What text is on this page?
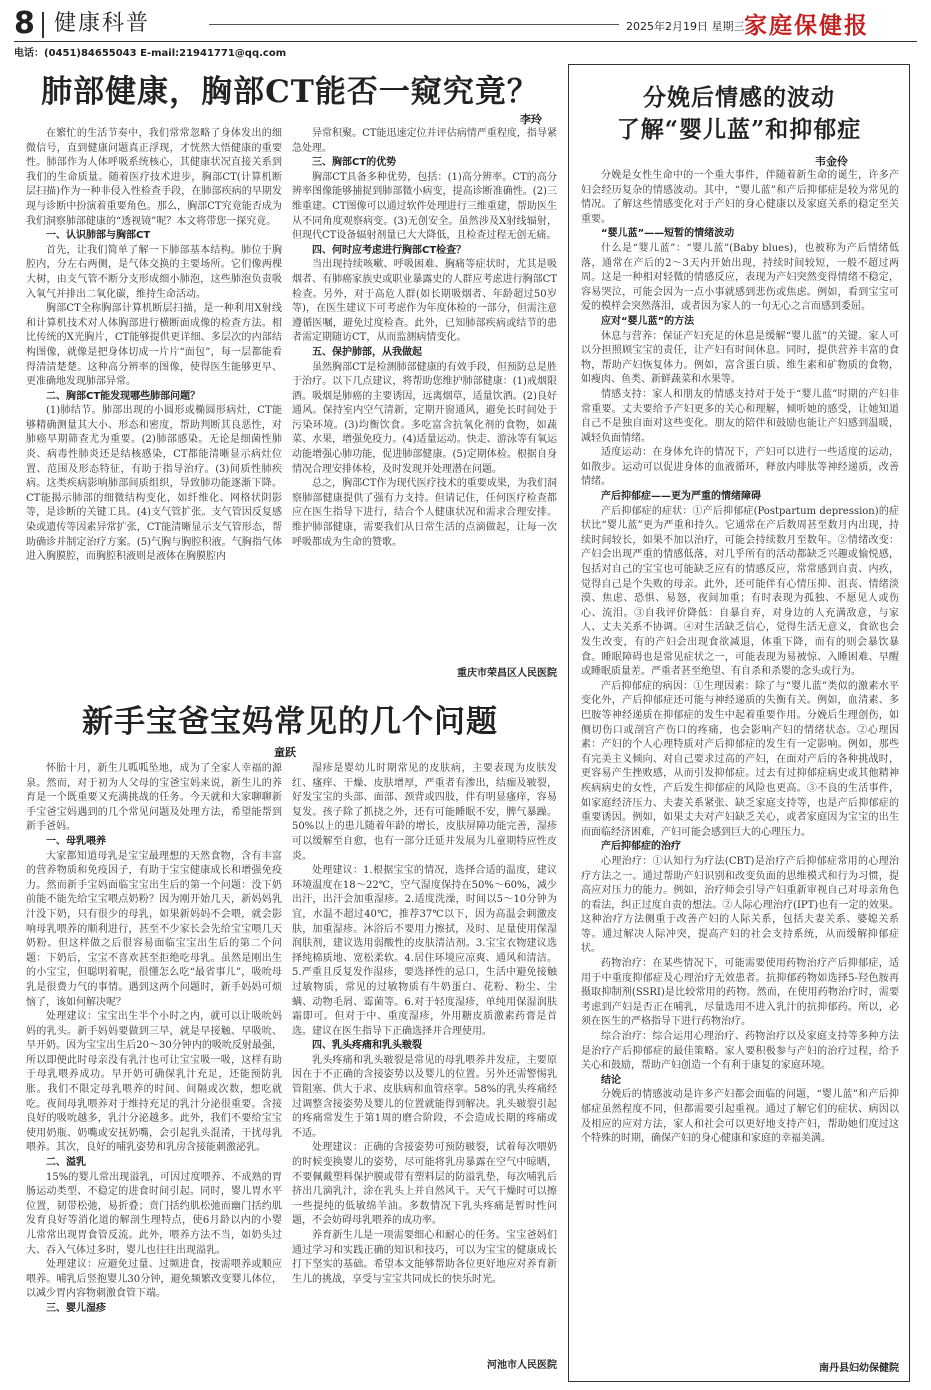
8 健康科普	2025年2月19日 星期三 家庭保健报
电话：(0451)84655043 E-mail:21941771@qq.com
肺部健康，胸部CT能否一窥究竟？
李玲

在繁忙的生活节奏中，我们常常忽略了身体发出的细微信号，直到健康问题真正浮现，才恍然大悟健康的重要性。肺部作为人体呼吸系统核心，其健康状况直接关系到我们的生命质量。随着医疗技术进步，胸部CT(计算机断层扫描)作为一种非侵入性检查手段，在肺部疾病的早期发现与诊断中扮演着重要角色。那么，胸部CT究竟能否成为我们洞察肺部健康的“透视镜”呢？本文将带您一探究竟。

一、认识肺部与胸部CT

首先，让我们简单了解一下肺部基本结构。肺位于胸腔内，分左右两侧，是气体交换的主要场所。它们像两棵大树，由支气管不断分支形成细小肺泡，这些肺泡负责吸入氧气并排出二氧化碳，维持生命活动。

胸部CT全称胸部计算机断层扫描，是一种利用X射线和计算机技术对人体胸部进行横断面成像的检查方法。相比传统的X光胸片，CT能够提供更详细、多层次的内部结构图像，就像是把身体切成一片片“面包”，每一层都能看得清清楚楚。这种高分辨率的图像，使得医生能够更早、更准确地发现肺部异常。

二、胸部CT能发现哪些肺部问题？

(1)肺结节。肺部出现的小圆形或椭圆形病灶，CT能够精确测量其大小、形态和密度，帮助判断其良恶性，对肺癌早期筛查尤为重要。(2)肺部感染。无论是细菌性肺炎、病毒性肺炎还是结核感染，CT都能清晰显示病灶位置、范围及形态特征，有助于指导治疗。(3)间质性肺疾病。这类疾病影响肺部间质组织，导致肺功能逐渐下降。CT能揭示肺部的细微结构变化，如纤维化、网格状阴影等，是诊断的关键工具。(4)支气管扩张。支气管因反复感染或遗传等因素异常扩张，CT能清晰显示支气管形态，帮助确诊并制定治疗方案。(5)气胸与胸腔积液。气胸指气体进入胸膜腔，而胸腔积液则是液体在胸膜腔内

异常积聚。CT能迅速定位并评估病情严重程度，指导紧急处理。

三、胸部CT的优势

胸部CT具备多种优势，包括：(1)高分辨率。CT的高分辨率图像能够捕捉到肺部微小病变，提高诊断准确性。(2)三维重建。CT图像可以通过软件处理进行三维重建，帮助医生从不同角度观察病变。(3)无创安全。虽然涉及X射线辐射，但现代CT设备辐射剂量已大大降低，且检查过程无创无痛。

四、何时应考虑进行胸部CT检查？

当出现持续咳嗽、呼吸困难、胸痛等症状时，尤其是吸烟者、有肺癌家族史或职业暴露史的人群应考虑进行胸部CT检查。另外，对于高危人群(如长期吸烟者、年龄超过50岁等)，在医生建议下可考虑作为年度体检的一部分，但需注意遵循医嘱，避免过度检查。此外，已知肺部疾病或结节的患者需定期随访CT，从而监测病情变化。

五、保护肺部，从我做起

虽然胸部CT是检测肺部健康的有效手段，但预防总是胜于治疗。以下几点建议，将帮助您维护肺部健康：(1)戒烟限酒。吸烟是肺癌的主要诱因，远离烟草，适量饮酒。(2)良好通风。保持室内空气清新，定期开窗通风，避免长时间处于污染环境。(3)均衡饮食。多吃富含抗氧化剂的食物，如蔬菜、水果，增强免疫力。(4)适量运动。快走、游泳等有氧运动能增强心肺功能，促进肺部健康。(5)定期体检。根据自身情况合理安排体检，及时发现并处理潜在问题。

总之，胸部CT作为现代医疗技术的重要成果，为我们洞察肺部健康提供了强有力支持。但请记住，任何医疗检查都应在医生指导下进行，结合个人健康状况和需求合理安排。维护肺部健康，需要我们从日常生活的点滴做起，让每一次呼吸都成为生命的赞歌。

重庆市荣昌区人民医院
新手宝爸宝妈常见的几个问题
童跃

怀胎十月，新生儿呱呱坠地，成为了全家人幸福的源泉。然而，对于初为人父母的宝爸宝妈来说，新生儿的养育是一个既重要又充满挑战的任务。今天就和大家聊聊新手宝爸宝妈遇到的几个常见问题及处理方法，希望能帮到新手爸妈。

一、母乳喂养

大家都知道母乳是宝宝最理想的天然食物，含有丰富的营养物质和免疫因子，有助于宝宝健康成长和增强免疫力。然而新手宝妈面临宝宝出生后的第一个问题：没下奶前能不能先给宝宝喂点奶粉？因为刚开始几天，新妈妈乳汁没下奶，只有很少的母乳，如果新妈妈不会喂，就会影响母乳喂养的顺利进行，甚至不少家长会先给宝宝喂几天奶粉。但这样做之后很容易面临宝宝出生后的第二个问题：下奶后，宝宝不喜欢甚至拒绝吃母乳。虽然是刚出生的小宝宝，但聪明着呢，很懂怎么吃“最省事儿”，吸吮母乳是很费力气的事情。遇到这两个问题时，新手妈妈可烦恼了，该如何解决呢？

处理建议：宝宝出生半个小时之内，就可以让吸吮妈妈的乳头。新手妈妈要做到三早，就是早接触、早吸吮、早开奶。因为宝宝出生后20～30分钟内的吸吮反射最强，所以即便此时母亲没有乳汁也可让宝宝吸一吸，这样有助于母乳喂养成功。早开奶可确保乳汁充足，还能预防乳胀。我们不限定母乳喂养的时间、间隔或次数，想吃就吃。夜间母乳喂养对于维持充足的乳汁分泌很重要。含接良好的吸吮越多，乳汁分泌越多。此外，我们不要给宝宝使用奶瓶、奶嘴或安抚奶嘴，会引起乳头混淆，干扰母乳喂养。其次，良好的哺乳姿势和乳房含接能刺激泌乳。

二、溢乳

15%的婴儿常出现溢乳，可因过度喂养、不成熟的胃肠运动类型、不稳定的进食时间引起。同时，婴儿胃水平位置，韧带松弛，易折叠；贲门括约肌松弛而幽门括约肌发育良好等消化道的解剖生理特点，使6月龄以内的小婴儿常常出现胃食管反流。此外，喂养方法不当，如奶头过大、吞入气体过多时，婴儿也往往出现溢乳。

处理建议：应避免过量、过频进食，按需喂养或顺应喂养。哺乳后竖抱婴儿30分钟，避免频繁改变婴儿体位，以减少胃内容物刺激食管下端。

三、婴儿湿疹

湿疹是婴幼儿时期常见的皮肤病，主要表现为皮肤发红、瘙痒、干燥、皮肤增厚，严重者有渗出，结痂及皲裂，好发宝宝的头部、面部、颈背或四肢，伴有明显瘙痒，容易复发。孩子除了抓挠之外，还有可能睡眠不安，脾气暴躁。50%以上的患儿随着年龄的增长，皮肤屏障功能完善，湿疹可以缓解至自愈，也有一部分迁延并发展为儿童期特应性皮炎。

处理建议：1.根据宝宝的情况，选择合适的温度，建议环境温度在18～22℃，空气湿度保持在50%～60%，减少出汗，出汗会加重湿疹。2.适度洗澡，时间以5～10分钟为宜，水温不超过40℃，推荐37℃以下，因为高温会刺激皮肤，加重湿疹。沐浴后不要用力擦拭，及时、足量使用保湿润肤剂，建议选用弱酸性的皮肤清洁剂。3.宝宝衣物建议选择纯棉质地、宽松柔软。4.居住环境应凉爽、通风和清洁。5.严重且反复发作湿疹，要选择性的忌口，生活中避免接触过敏物质，常见的过敏物质有牛奶蛋白、花粉、粉尘、尘螨、动物毛屑、霉菌等。6.对于轻度湿疹，单纯用保湿润肤霜即可。但对于中、重度湿疹，外用糖皮质激素药膏是首选。建议在医生指导下正确选择并合理使用。

四、乳头疼痛和乳头皲裂

乳头疼痛和乳头皲裂是常见的母乳喂养并发症，主要原因在于不正确的含接姿势以及婴儿的位置。另外还需警惕乳管阻塞、供大于求、皮肤病和血管痉挛。58%的乳头疼痛经过调整含接姿势及婴儿的位置就能得到解决。乳头皲裂引起的疼痛常发生于第1周的磨合阶段，不会造成长期的疼痛或不适。

处理建议：正确的含接姿势可预防皲裂，试着每次喂奶的时候变换婴儿的姿势，尽可能将乳房暴露在空气中晾晒，不要佩戴塑料保护膜或带有塑料层的防溢乳垫，每次哺乳后挤出几滴乳汁，涂在乳头上并自然风干。天气干燥时可以擦一些提纯的低敏绵羊油。多数情况下乳头疼痛是暂时性问题，不会妨碍母乳喂养的成功率。

养育新生儿是一项需要细心和耐心的任务。宝宝爸妈们通过学习和实践正确的知识和技巧，可以为宝宝的健康成长打下坚实的基础。希望本文能够帮助各位更好地应对养育新生儿的挑战，享受与宝宝共同成长的快乐时光。

河池市人民医院
分娩后情感的波动
了解“婴儿蓝”和抑郁症
韦金伶

分娩是女性生命中的一个重大事件，伴随着新生命的诞生，许多产妇会经历复杂的情感波动。其中，“婴儿蓝”和产后抑郁症是较为常见的情况。了解这些情感变化对于产妇的身心健康以及家庭关系的稳定至关重要。

“婴儿蓝”——短暂的情绪波动

什么是“婴儿蓝”：“婴儿蓝”(Baby blues)，也被称为产后情绪低落，通常在产后的2～3天内开始出现，持续时间较短，一般不超过两周。这是一种相对轻微的情感反应，表现为产妇突然变得情绪不稳定，容易哭泣，可能会因为一点小事就感到悲伤或焦虑。例如，看到宝宝可爱的模样会突然落泪，或者因为家人的一句无心之言而感到委屈。

应对“婴儿蓝”的方法

休息与营养：保证产妇充足的休息是缓解“婴儿蓝”的关键。家人可以分担照顾宝宝的责任，让产妇有时间休息。同时，提供营养丰富的食物，帮助产妇恢复体力。例如，富含蛋白质、维生素和矿物质的食物，如瘦肉、鱼类、新鲜蔬菜和水果等。

情感支持：家人和朋友的情感支持对于处于“婴儿蓝”时期的产妇非常重要。丈夫要给予产妇更多的关心和理解，倾听她的感受，让她知道自己不是独自面对这些变化。朋友的陪伴和鼓励也能让产妇感到温暖，减轻负面情绪。

适度运动：在身体允许的情况下，产妇可以进行一些适度的运动，如散步。运动可以促进身体的血液循环，释放内啡肽等神经递质，改善情绪。

产后抑郁症——更为严重的情绪障碍

产后抑郁症的症状：①产后抑郁症(Postpartum depression)的症状比“婴儿蓝”更为严重和持久。它通常在产后数周甚至数月内出现，持续时间较长，如果不加以治疗，可能会持续数月至数年。②情绪改变：产妇会出现严重的情感低落，对几乎所有的活动都缺乏兴趣或愉悦感，包括对自己的宝宝也可能缺乏应有的情感反应，常常感到自责、内疚，觉得自己是个失败的母亲。此外，还可能伴有心情压抑、沮丧、情绪淡漠、焦虑、恐惧、易怒，夜间加重；有时表现为孤独、不愿见人或伤心、流泪。③自我评价降低：自暴自弃，对身边的人充满敌意，与家人、丈夫关系不协调。④对生活缺乏信心，觉得生活无意义，食欲也会发生改变，有的产妇会出现食欲减退，体重下降，而有的则会暴饮暴食。睡眠障碍也是常见症状之一，可能表现为易被惊、入睡困难、早醒或睡眠质量差。严重者甚至绝望、有自杀和杀婴的念头或行为。

产后抑郁症的病因：①生理因素：除了与“婴儿蓝”类似的激素水平变化外，产后抑郁症还可能与神经递质的失衡有关。例如，血清素、多巴胺等神经递质在抑郁症的发生中起着重要作用。分娩后生理创伤，如侧切伤口或剖宫产伤口的疼痛，也会影响产妇的情绪状态。②心理因素：产妇的个人心理特质对产后抑郁症的发生有一定影响。例如，那些有完美主义倾向、对自己要求过高的产妇，在面对产后的各种挑战时，更容易产生挫败感，从而引发抑郁症。过去有过抑郁症病史或其他精神疾病病史的女性，产后发生抑郁症的风险也更高。③不良的生活事件，如家庭经济压力、夫妻关系紧张、缺乏家庭支持等，也是产后抑郁症的重要诱因。例如，如果丈夫对产妇缺乏关心，或者家庭因为宝宝的出生而面临经济困难，产妇可能会感到巨大的心理压力。

产后抑郁症的治疗

心理治疗：①认知行为疗法(CBT)是治疗产后抑郁症常用的心理治疗方法之一。通过帮助产妇识别和改变负面的思维模式和行为习惯，提高应对压力的能力。例如，治疗师会引导产妇重新审视自己对母亲角色的看法，纠正过度自责的想法。②人际心理治疗(IPT)也有一定的效果。这种治疗方法侧重于改善产妇的人际关系，包括夫妻关系、婆媳关系等。通过解决人际冲突，提高产妇的社会支持系统，从而缓解抑郁症状。

药物治疗：在某些情况下，可能需要使用药物治疗产后抑郁症，适用于中重度抑郁症及心理治疗无效患者。抗抑郁药物如选择5-羟色胺再摄取抑制剂(SSRI)是比较常用的药物。然而，在使用药物治疗时，需要考虑到产妇是否正在哺乳，尽量选用不进入乳汁的抗抑郁药。所以，必须在医生的严格指导下进行药物治疗。

综合治疗：综合运用心理治疗、药物治疗以及家庭支持等多种方法是治疗产后抑郁症的最佳策略。家人要积极参与产妇的治疗过程，给予关心和鼓励，帮助产妇创造一个有利于康复的家庭环境。

结论

分娩后的情感波动是许多产妇都会面临的问题，“婴儿蓝”和产后抑郁症虽然程度不同，但都需要引起重视。通过了解它们的症状、病因以及相应的应对方法，家人和社会可以更好地支持产妇，帮助她们度过这个特殊的时期，确保产妇的身心健康和家庭的幸福美满。

南丹县妇幼保健院
